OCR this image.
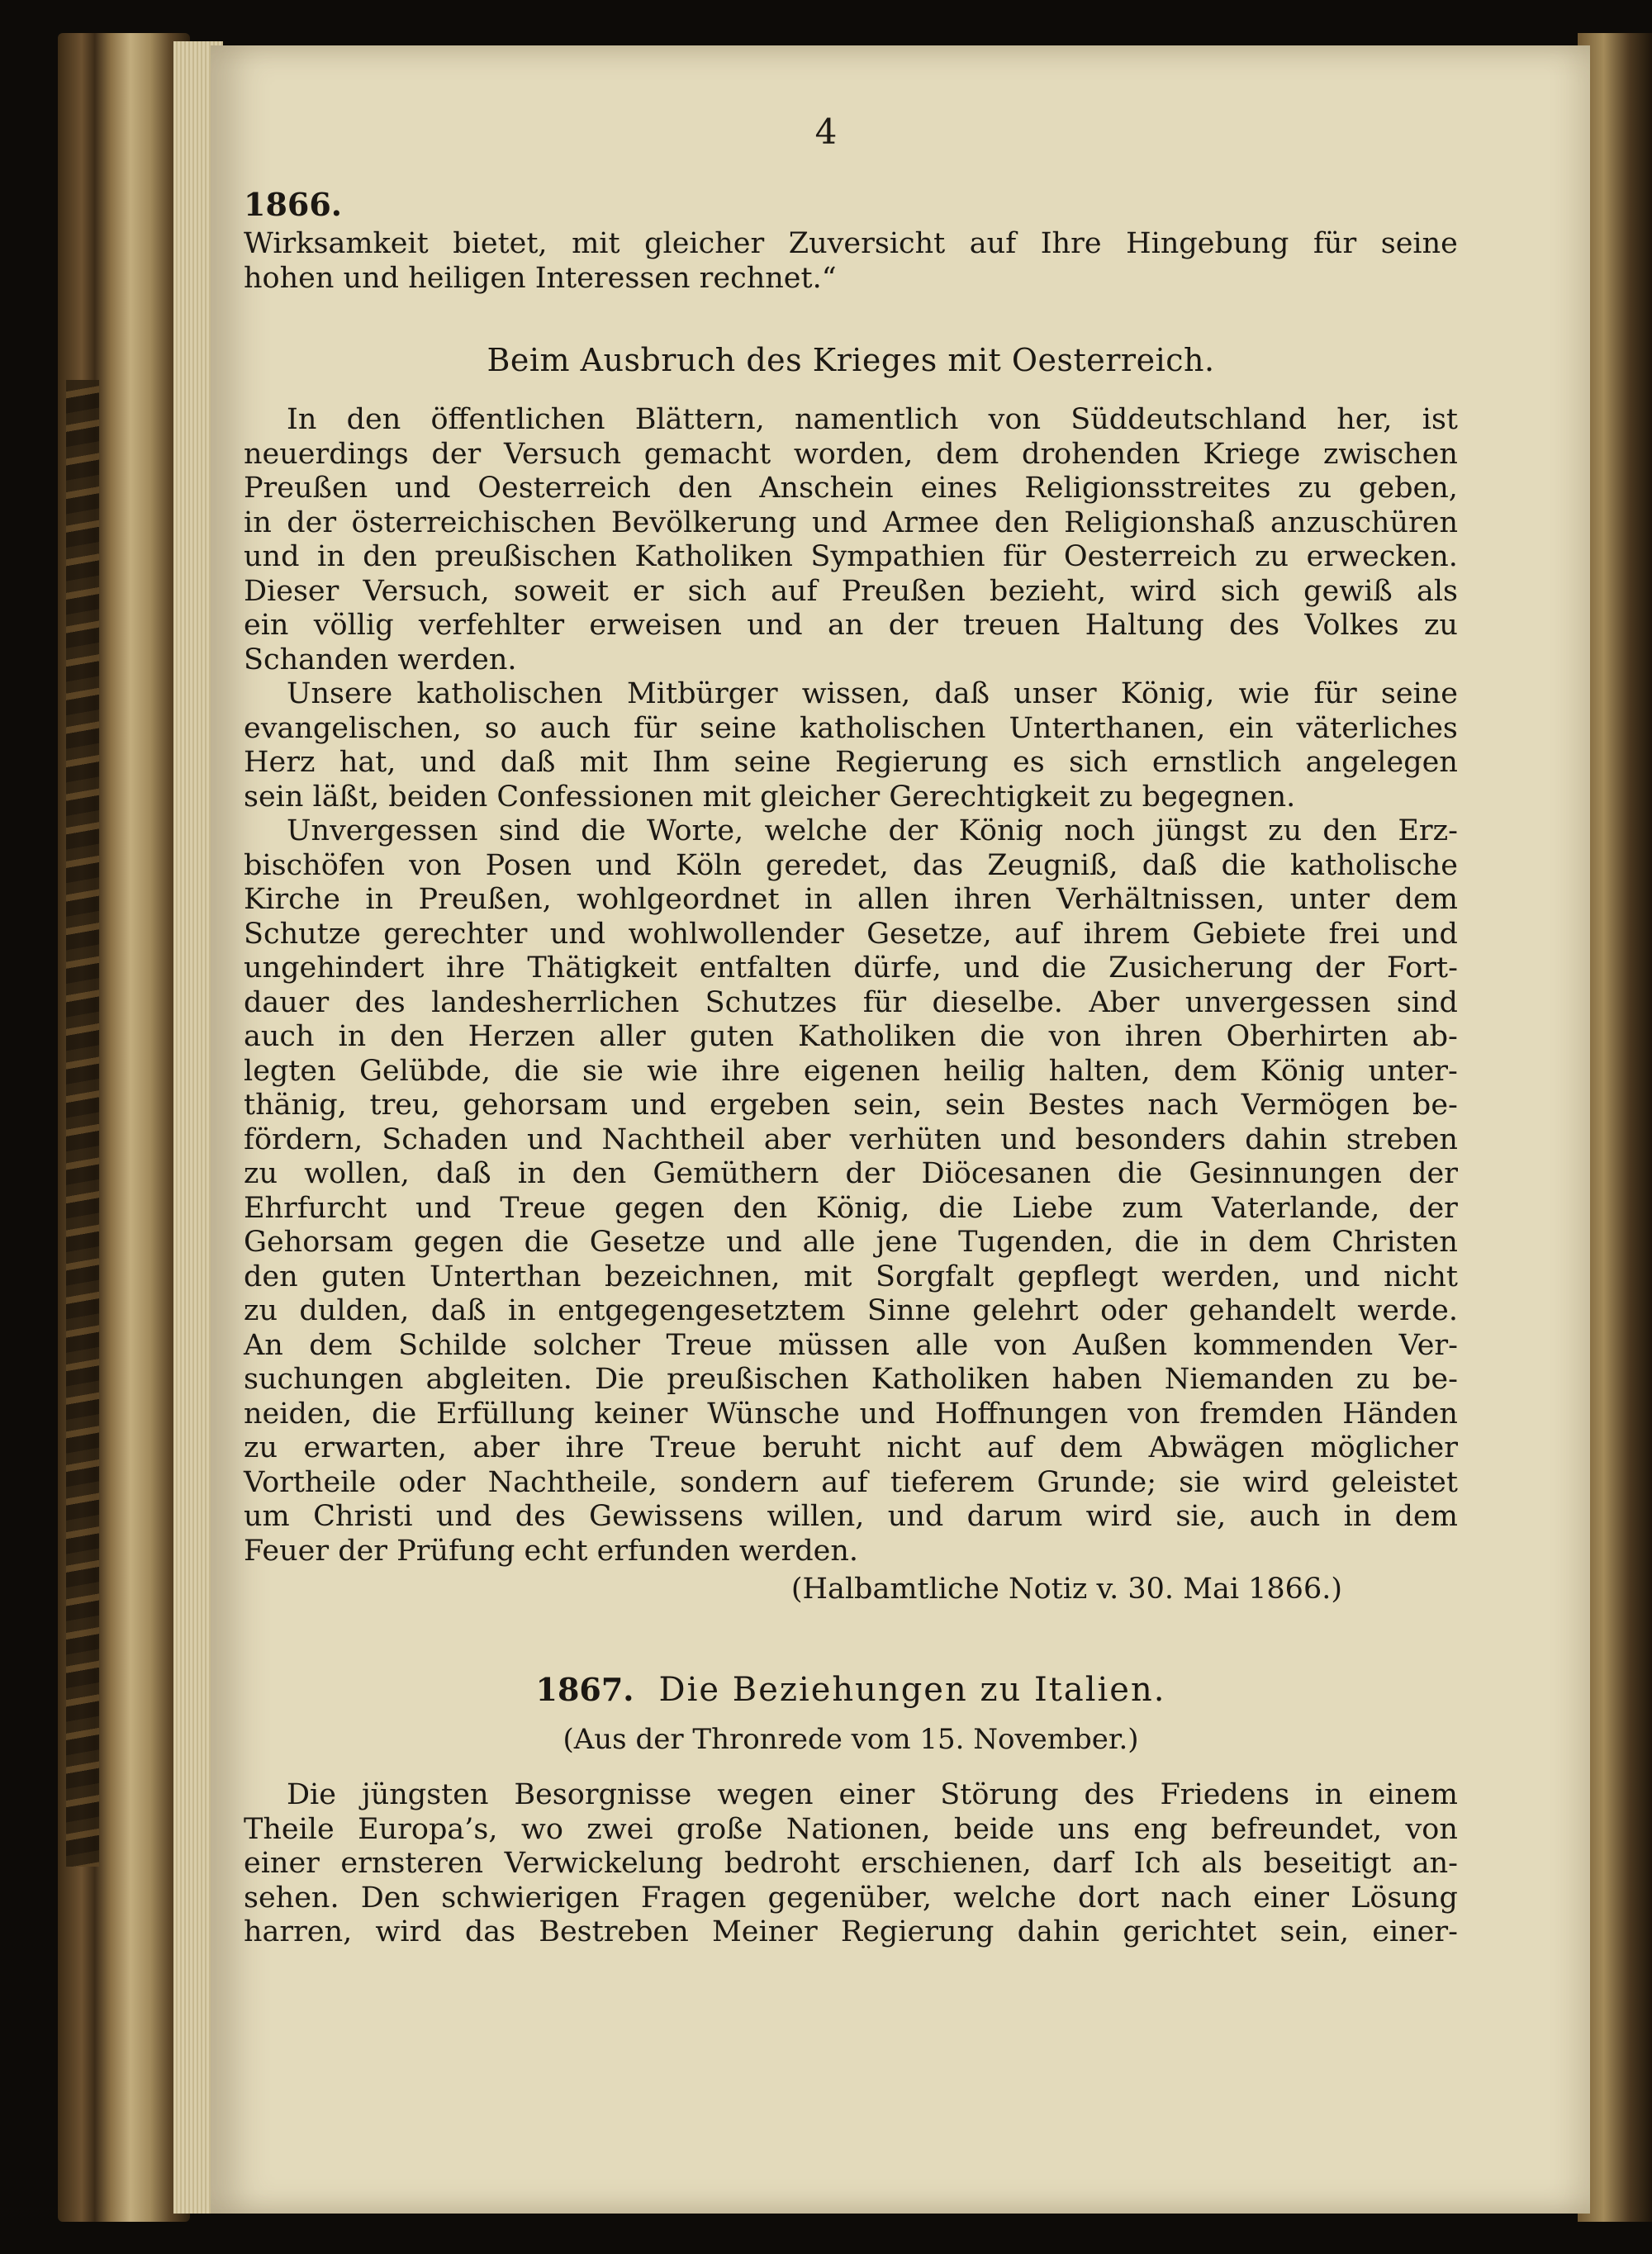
4
1866.
Wirksamkeit bietet, mit gleicher Zuversicht auf Ihre Hingebung für seine
hohen und heiligen Interessen rechnet.“
Beim Ausbruch des Krieges mit Oesterreich.
In den öffentlichen Blättern, namentlich von Süddeutschland her, ist
neuerdings der Versuch gemacht worden, dem drohenden Kriege zwischen
Preußen und Oesterreich den Anschein eines Religionsstreites zu geben,
in der österreichischen Bevölkerung und Armee den Religionshaß anzuschüren
und in den preußischen Katholiken Sympathien für Oesterreich zu erwecken.
Dieser Versuch, soweit er sich auf Preußen bezieht, wird sich gewiß als
ein völlig verfehlter erweisen und an der treuen Haltung des Volkes zu
Schanden werden.
Unsere katholischen Mitbürger wissen, daß unser König, wie für seine
evangelischen, so auch für seine katholischen Unterthanen, ein väterliches
Herz hat, und daß mit Ihm seine Regierung es sich ernstlich angelegen
sein läßt, beiden Confessionen mit gleicher Gerechtigkeit zu begegnen.
Unvergessen sind die Worte, welche der König noch jüngst zu den Erz-
bischöfen von Posen und Köln geredet, das Zeugniß, daß die katholische
Kirche in Preußen, wohlgeordnet in allen ihren Verhältnissen, unter dem
Schutze gerechter und wohlwollender Gesetze, auf ihrem Gebiete frei und
ungehindert ihre Thätigkeit entfalten dürfe, und die Zusicherung der Fort-
dauer des landesherrlichen Schutzes für dieselbe. Aber unvergessen sind
auch in den Herzen aller guten Katholiken die von ihren Oberhirten ab-
legten Gelübde, die sie wie ihre eigenen heilig halten, dem König unter-
thänig, treu, gehorsam und ergeben sein, sein Bestes nach Vermögen be-
fördern, Schaden und Nachtheil aber verhüten und besonders dahin streben
zu wollen, daß in den Gemüthern der Diöcesanen die Gesinnungen der
Ehrfurcht und Treue gegen den König, die Liebe zum Vaterlande, der
Gehorsam gegen die Gesetze und alle jene Tugenden, die in dem Christen
den guten Unterthan bezeichnen, mit Sorgfalt gepflegt werden, und nicht
zu dulden, daß in entgegengesetztem Sinne gelehrt oder gehandelt werde.
An dem Schilde solcher Treue müssen alle von Außen kommenden Ver-
suchungen abgleiten. Die preußischen Katholiken haben Niemanden zu be-
neiden, die Erfüllung keiner Wünsche und Hoffnungen von fremden Händen
zu erwarten, aber ihre Treue beruht nicht auf dem Abwägen möglicher
Vortheile oder Nachtheile, sondern auf tieferem Grunde; sie wird geleistet
um Christi und des Gewissens willen, und darum wird sie, auch in dem
Feuer der Prüfung echt erfunden werden.
(Halbamtliche Notiz v. 30. Mai 1866.)
1867. Die Beziehungen zu Italien.
(Aus der Thronrede vom 15. November.)
Die jüngsten Besorgnisse wegen einer Störung des Friedens in einem
Theile Europa’s, wo zwei große Nationen, beide uns eng befreundet, von
einer ernsteren Verwickelung bedroht erschienen, darf Ich als beseitigt an-
sehen. Den schwierigen Fragen gegenüber, welche dort nach einer Lösung
harren, wird das Bestreben Meiner Regierung dahin gerichtet sein, einer-
